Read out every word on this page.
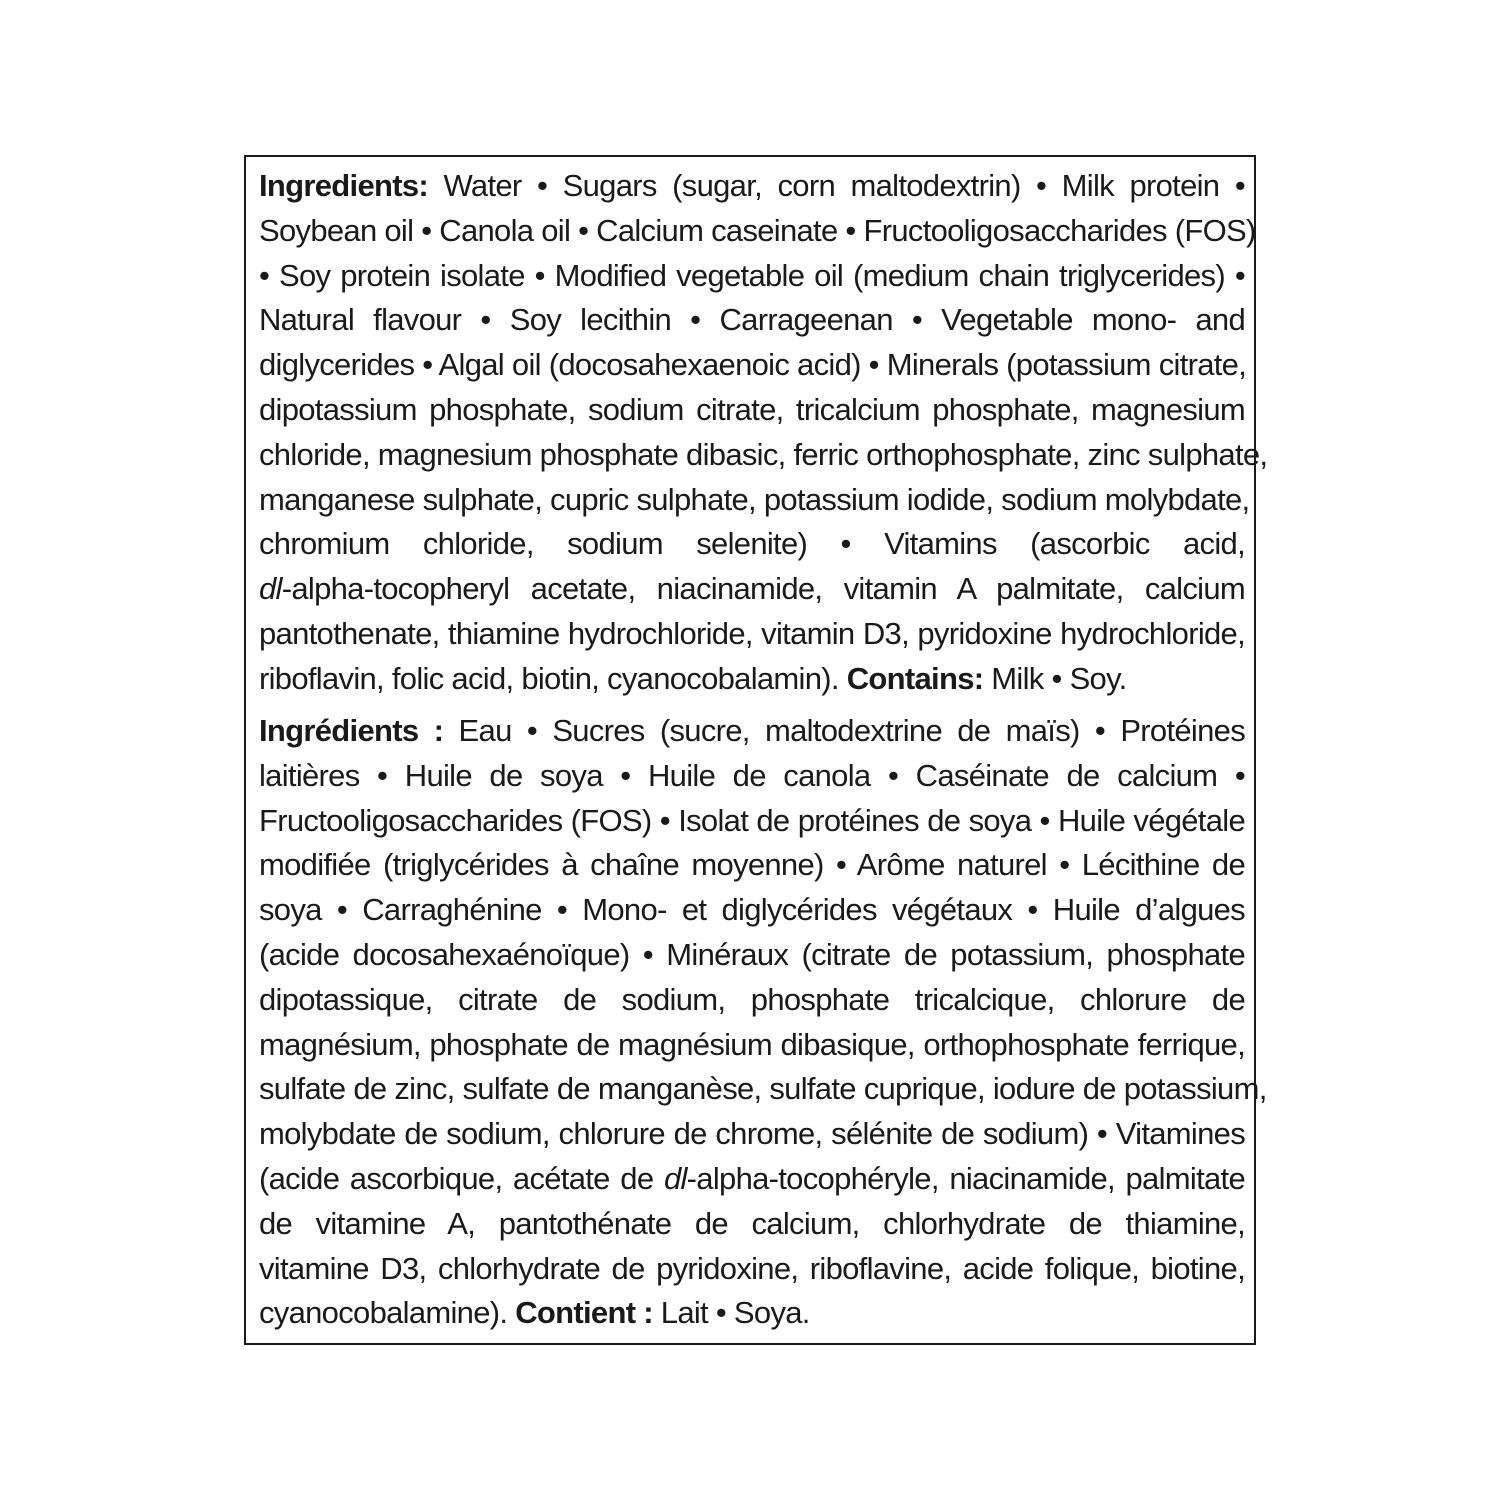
Ingredients: Water • Sugars (sugar, corn maltodextrin) • Milk protein •
Soybean oil • Canola oil • Calcium caseinate • Fructooligosaccharides (FOS)
• Soy protein isolate • Modified vegetable oil (medium chain triglycerides) •
Natural flavour • Soy lecithin • Carrageenan • Vegetable mono- and
diglycerides • Algal oil (docosahexaenoic acid) • Minerals (potassium citrate,
dipotassium phosphate, sodium citrate, tricalcium phosphate, magnesium
chloride, magnesium phosphate dibasic, ferric orthophosphate, zinc sulphate,
manganese sulphate, cupric sulphate, potassium iodide, sodium molybdate,
chromium chloride, sodium selenite) • Vitamins (ascorbic acid,
dl-alpha-tocopheryl acetate, niacinamide, vitamin A palmitate, calcium
pantothenate, thiamine hydrochloride, vitamin D3, pyridoxine hydrochloride,
riboflavin, folic acid, biotin, cyanocobalamin). Contains: Milk • Soy.
Ingrédients : Eau • Sucres (sucre, maltodextrine de maïs) • Protéines
laitières • Huile de soya • Huile de canola • Caséinate de calcium •
Fructooligosaccharides (FOS) • Isolat de protéines de soya • Huile végétale
modifiée (triglycérides à chaîne moyenne) • Arôme naturel • Lécithine de
soya • Carraghénine • Mono- et diglycérides végétaux • Huile d’algues
(acide docosahexaénoïque) • Minéraux (citrate de potassium, phosphate
dipotassique, citrate de sodium, phosphate tricalcique, chlorure de
magnésium, phosphate de magnésium dibasique, orthophosphate ferrique,
sulfate de zinc, sulfate de manganèse, sulfate cuprique, iodure de potassium,
molybdate de sodium, chlorure de chrome, sélénite de sodium) • Vitamines
(acide ascorbique, acétate de dl-alpha-tocophéryle, niacinamide, palmitate
de vitamine A, pantothénate de calcium, chlorhydrate de thiamine,
vitamine D3, chlorhydrate de pyridoxine, riboflavine, acide folique, biotine,
cyanocobalamine). Contient : Lait • Soya.
